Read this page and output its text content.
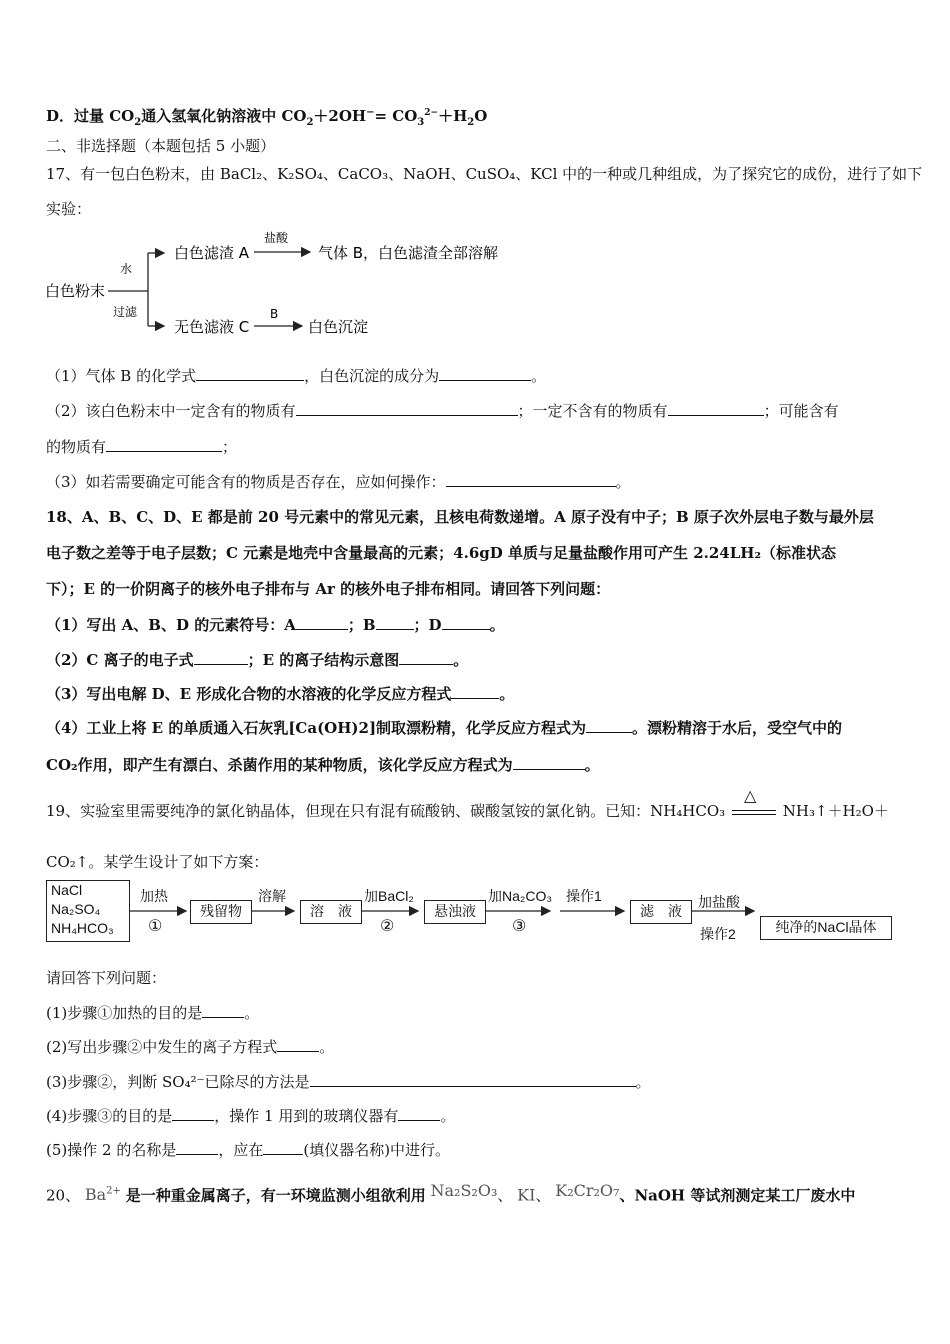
D．过量 $CO_2$通入氢氧化钠溶液中 $CO_2+2OH^-= CO_3^{2-}+H_2O$
二、非选择题（本题包括 5 小题）
17、有一包白色粉末，由 BaCl₂、K₂SO₄、CaCO₃、NaOH、CuSO₄、KCl 中的一种或几种组成，为了探究它的成份，进行了如下
实验：
白色粉末
水
过滤
白色滤渣 A
盐酸
气体 B，白色滤渣全部溶解
无色滤液 C
B
白色沉淀
（1）气体 B 的化学式	，白色沉淀的成分为	。
（2）该白色粉末中一定含有的物质有	；一定不含有的物质有	；可能含有
的物质有	；
（3）如若需要确定可能含有的物质是否存在，应如何操作：	。
18、A、B、C、D、E 都是前 20 号元素中的常见元素，且核电荷数递增。A 原子没有中子；B 原子次外层电子数与最外层
电子数之差等于电子层数；C 元素是地壳中含量最高的元素；4.6gD 单质与足量盐酸作用可产生 2.24LH₂（标准状态
下）；E 的一价阴离子的核外电子排布与 Ar 的核外电子排布相同。请回答下列问题：
（1）写出 A、B、D 的元素符号：A	；B	；D	。
（2）C 离子的电子式	；E 的离子结构示意图	。
（3）写出电解 D、E 形成化合物的水溶液的化学反应方程式	。
（4）工业上将 E 的单质通入石灰乳[Ca(OH)2]制取漂粉精，化学反应方程式为	。漂粉精溶于水后，受空气中的
CO₂作用，即产生有漂白、杀菌作用的某种物质，该化学反应方程式为	。
19、实验室里需要纯净的氯化钠晶体，但现在只有混有硫酸钠、碳酸氢铵的氯化钠。已知：NH₄HCO₃
△
NH₃↑＋H₂O＋
CO₂↑。某学生设计了如下方案：
NaCl
Na₂SO₄
NH₄HCO₃
加热
①
残留物
溶解
溶　液
加BaCl₂
②
悬浊液
加Na₂CO₃
③
操作1
滤　液
加盐酸
操作2	纯净的NaCl晶体
请回答下列问题：
(1)步骤①加热的目的是	。
(2)写出步骤②中发生的离子方程式	。
(3)步骤②，判断 SO₄²⁻已除尽的方法是	。
(4)步骤③的目的是	，操作 1 用到的玻璃仪器有	。
(5)操作 2 的名称是	，应在	(填仪器名称)中进行。
20、 $Ba^{2+}$ 是一种重金属离子，有一环境监测小组欲利用 Na₂S₂O₃、 KI、 K₂Cr₂O₇、NaOH 等试剂测定某工厂废水中
